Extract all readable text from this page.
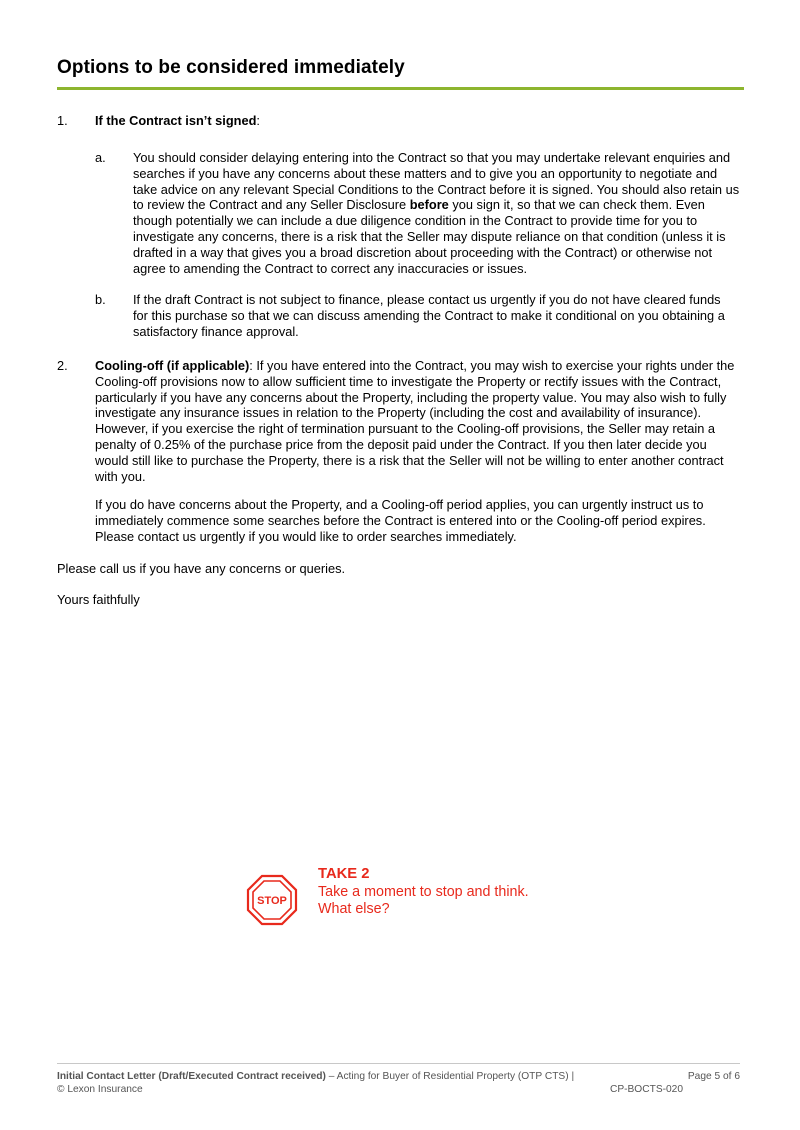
Options to be considered immediately
1. If the Contract isn’t signed:
a. You should consider delaying entering into the Contract so that you may undertake relevant enquiries and searches if you have any concerns about these matters and to give you an opportunity to negotiate and take advice on any relevant Special Conditions to the Contract before it is signed. You should also retain us to review the Contract and any Seller Disclosure before you sign it, so that we can check them. Even though potentially we can include a due diligence condition in the Contract to provide time for you to investigate any concerns, there is a risk that the Seller may dispute reliance on that condition (unless it is drafted in a way that gives you a broad discretion about proceeding with the Contract) or otherwise not agree to amending the Contract to correct any inaccuracies or issues.
b. If the draft Contract is not subject to finance, please contact us urgently if you do not have cleared funds for this purchase so that we can discuss amending the Contract to make it conditional on you obtaining a satisfactory finance approval.
2. Cooling-off (if applicable): If you have entered into the Contract, you may wish to exercise your rights under the Cooling-off provisions now to allow sufficient time to investigate the Property or rectify issues with the Contract, particularly if you have any concerns about the Property, including the property value. You may also wish to fully investigate any insurance issues in relation to the Property (including the cost and availability of insurance). However, if you exercise the right of termination pursuant to the Cooling-off provisions, the Seller may retain a penalty of 0.25% of the purchase price from the deposit paid under the Contract. If you then later decide you would still like to purchase the Property, there is a risk that the Seller will not be willing to enter another contract with you.
If you do have concerns about the Property, and a Cooling-off period applies, you can urgently instruct us to immediately commence some searches before the Contract is entered into or the Cooling-off period expires. Please contact us urgently if you would like to order searches immediately.
Please call us if you have any concerns or queries.
Yours faithfully
STOP
TAKE 2
Take a moment to stop and think.
What else?
Initial Contact Letter (Draft/Executed Contract received) – Acting for Buyer of Residential Property (OTP CTS) |
© Lexon Insurance
Page 5 of 6
CP-BOCTS-020
